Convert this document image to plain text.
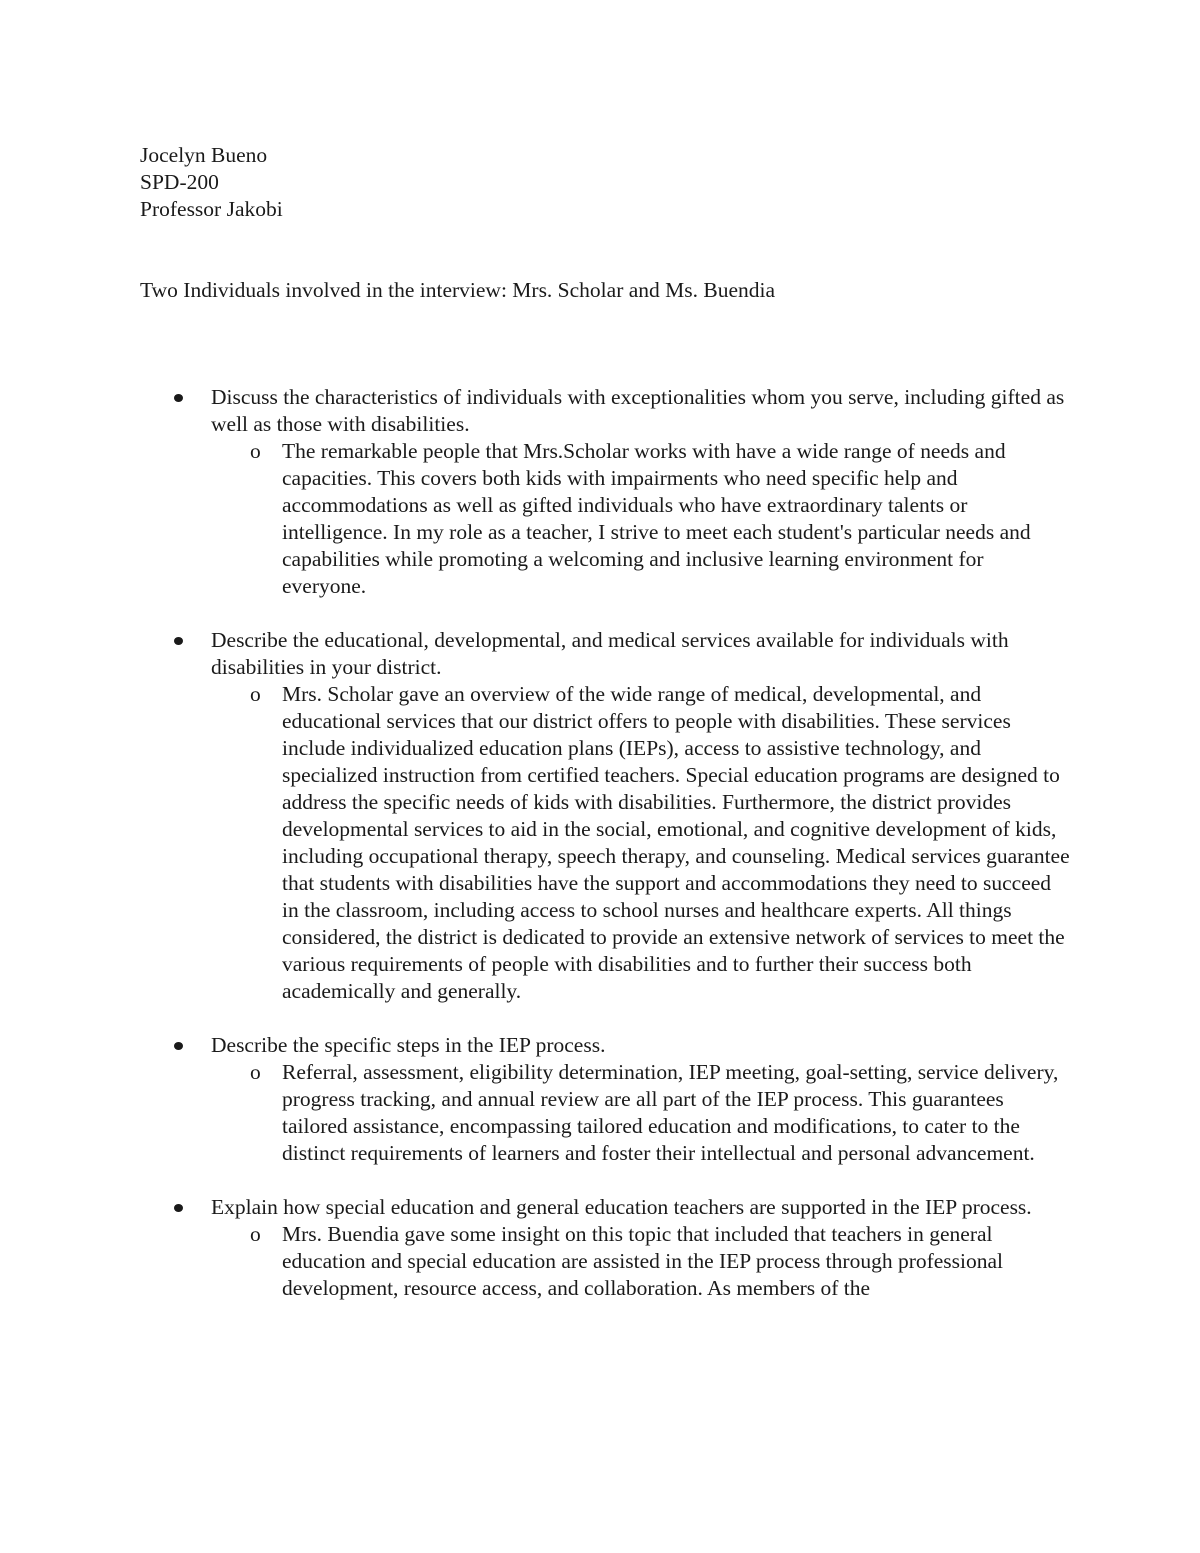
Jocelyn Bueno

SPD-200

Professor Jakobi

Two Individuals involved in the interview: Mrs. Scholar and Ms. Buendia

Discuss the characteristics of individuals with exceptionalities whom you serve, including gifted as well as those with disabilities.

o The remarkable people that Mrs.Scholar works with have a wide range of needs and capacities. This covers both kids with impairments who need specific help and accommodations as well as gifted individuals who have extraordinary talents or intelligence. In my role as a teacher, I strive to meet each student's particular needs and capabilities while promoting a welcoming and inclusive learning environment for everyone.

Describe the educational, developmental, and medical services available for individuals with disabilities in your district.

o Mrs. Scholar gave an overview of the wide range of medical, developmental, and educational services that our district offers to people with disabilities. These services include individualized education plans (IEPs), access to assistive technology, and specialized instruction from certified teachers. Special education programs are designed to address the specific needs of kids with disabilities. Furthermore, the district provides developmental services to aid in the social, emotional, and cognitive development of kids, including occupational therapy, speech therapy, and counseling. Medical services guarantee that students with disabilities have the support and accommodations they need to succeed in the classroom, including access to school nurses and healthcare experts. All things considered, the district is dedicated to provide an extensive network of services to meet the various requirements of people with disabilities and to further their success both academically and generally.

Describe the specific steps in the IEP process.

o Referral, assessment, eligibility determination, IEP meeting, goal-setting, service delivery, progress tracking, and annual review are all part of the IEP process. This guarantees tailored assistance, encompassing tailored education and modifications, to cater to the distinct requirements of learners and foster their intellectual and personal advancement.

Explain how special education and general education teachers are supported in the IEP process.

o Mrs. Buendia gave some insight on this topic that included that teachers in general education and special education are assisted in the IEP process through professional development, resource access, and collaboration. As members of the
